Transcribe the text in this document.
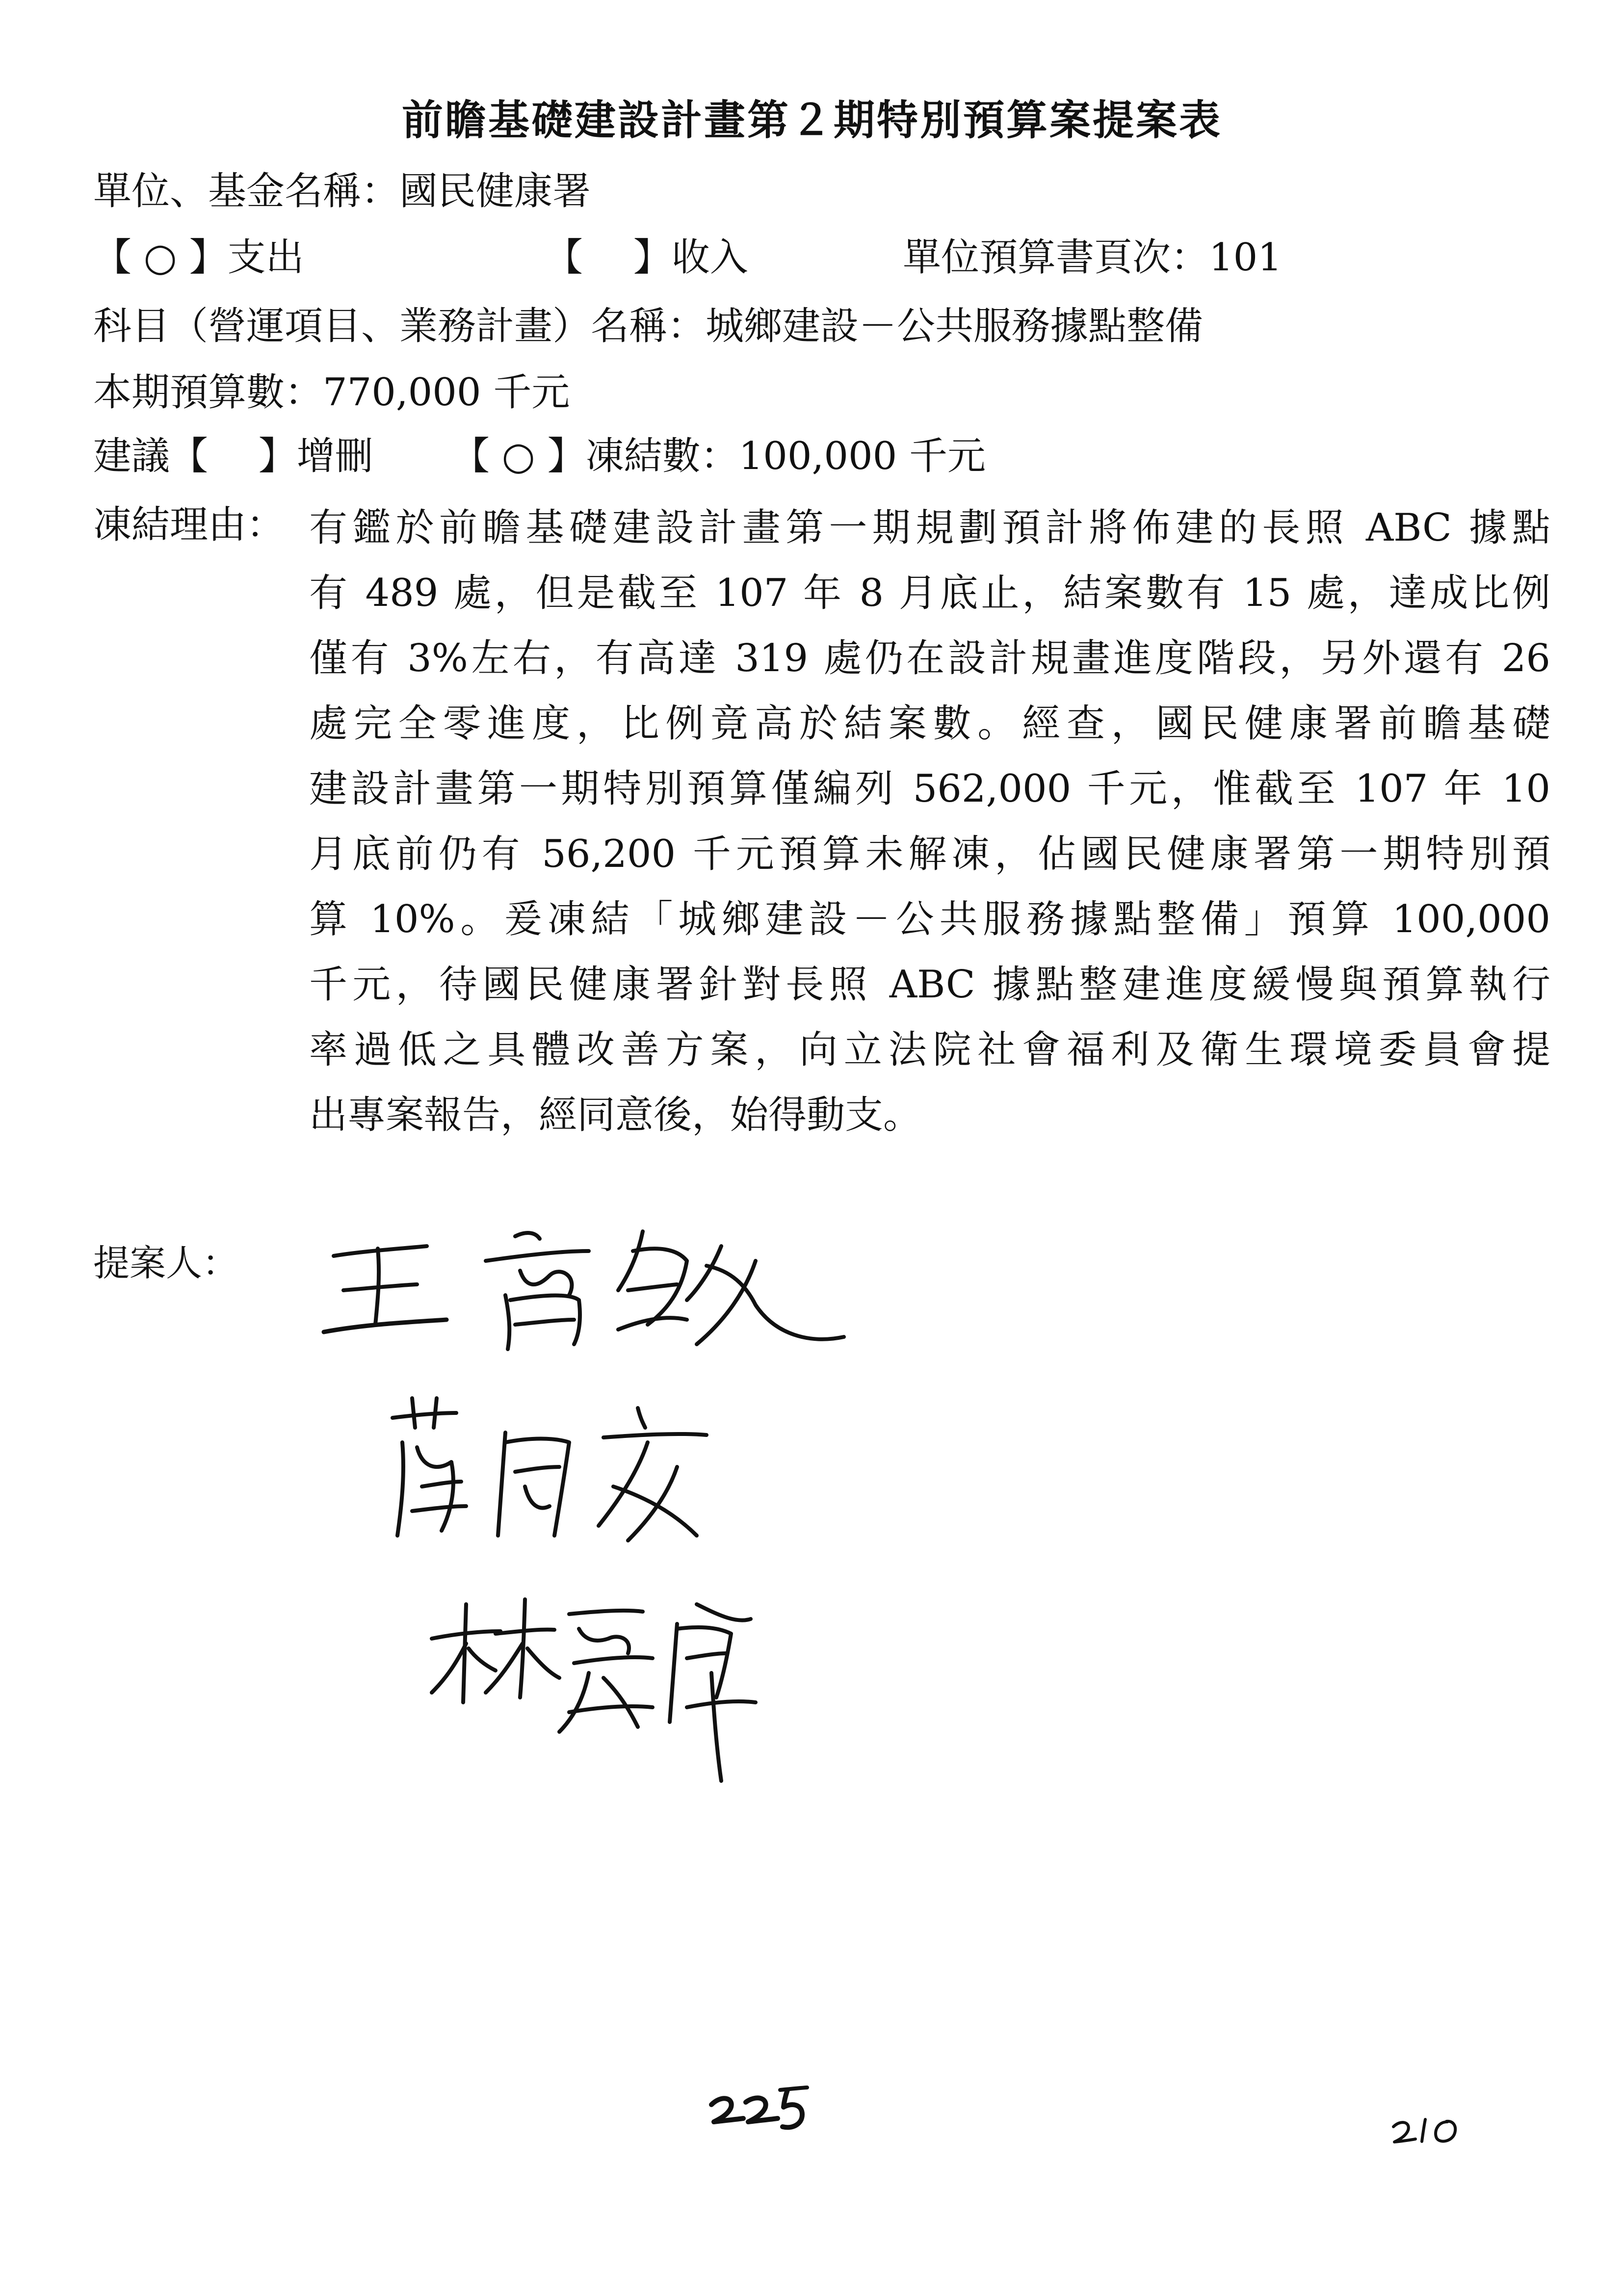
前瞻基礎建設計畫第２期特別預算案提案表
單位、基金名稱：國民健康署
【 ○ 】支出	【　 】收入	單位預算書頁次：101
科目（營運項目、業務計畫）名稱：城鄉建設－公共服務據點整備
本期預算數：770,000 千元
建議【　 】增刪 【 ○ 】凍結數：100,000 千元
凍結理由： 有鑑於前瞻基礎建設計畫第一期規劃預計將佈建的長照 ABC 據點
有 489 處，但是截至 107 年 8 月底止，結案數有 15 處，達成比例
僅有 3%左右，有高達 319 處仍在設計規畫進度階段，另外還有 26
處完全零進度，比例竟高於結案數。經查，國民健康署前瞻基礎
建設計畫第一期特別預算僅編列 562,000 千元，惟截至 107 年 10
月底前仍有 56,200 千元預算未解凍，佔國民健康署第一期特別預
算 10%。爰凍結「城鄉建設－公共服務據點整備」預算 100,000
千元，待國民健康署針對長照 ABC 據點整建進度緩慢與預算執行
率過低之具體改善方案，向立法院社會福利及衛生環境委員會提
出專案報告，經同意後，始得動支。
提案人：
